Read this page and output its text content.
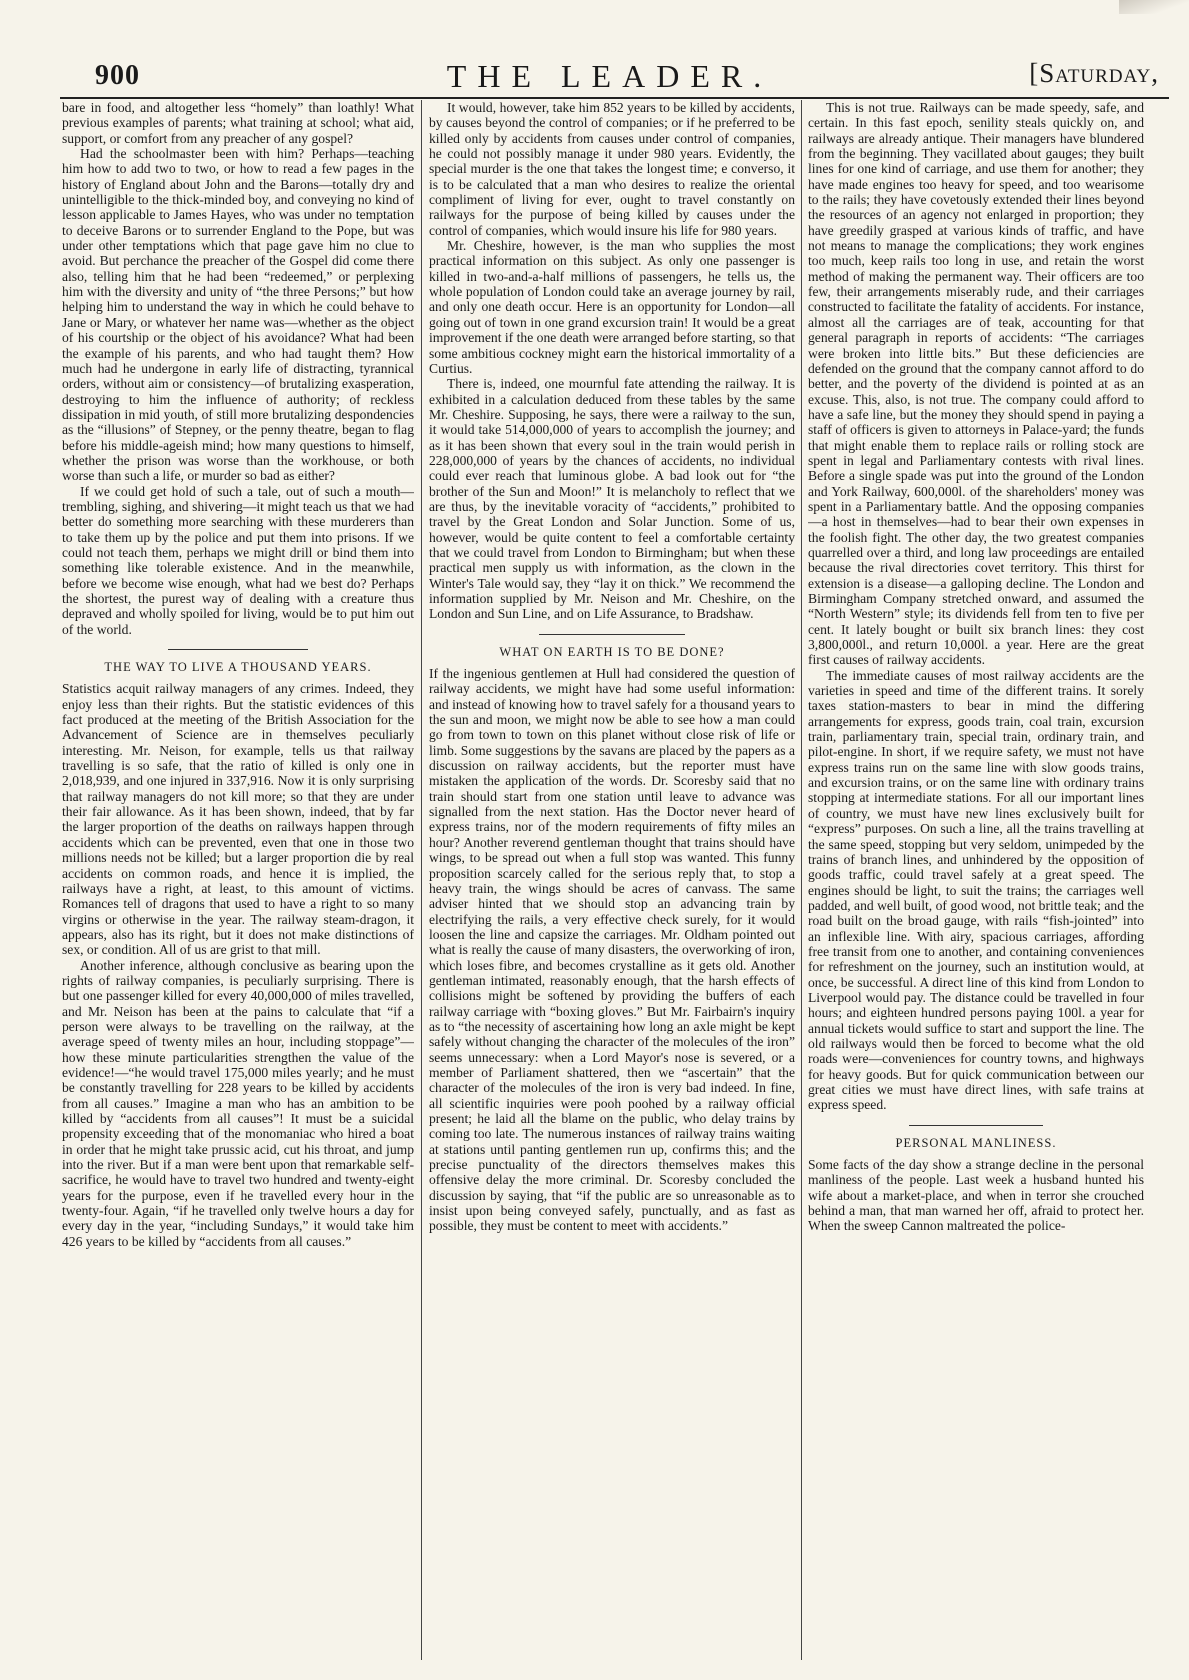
900	THE LEADER.	[Saturday,

bare in food, and altogether less “homely” than loathly! What previous examples of parents; what training at school; what aid, support, or comfort from any preacher of any gospel?

Had the schoolmaster been with him? Perhaps—teaching him how to add two to two, or how to read a few pages in the history of England about John and the Barons—totally dry and unintelligible to the thick-minded boy, and conveying no kind of lesson applicable to James Hayes, who was under no temptation to deceive Barons or to surrender England to the Pope, but was under other temptations which that page gave him no clue to avoid. But perchance the preacher of the Gospel did come there also, telling him that he had been “redeemed,” or perplexing him with the diversity and unity of “the three Persons;” but how helping him to understand the way in which he could behave to Jane or Mary, or whatever her name was—whether as the object of his courtship or the object of his avoidance? What had been the example of his parents, and who had taught them? How much had he undergone in early life of distracting, tyrannical orders, without aim or consistency—of brutalizing exasperation, destroying to him the influence of authority; of reckless dissipation in mid youth, of still more brutalizing despondencies as the “illusions” of Stepney, or the penny theatre, began to flag before his middle-ageish mind; how many questions to himself, whether the prison was worse than the workhouse, or both worse than such a life, or murder so bad as either?

If we could get hold of such a tale, out of such a mouth—trembling, sighing, and shivering—it might teach us that we had better do something more searching with these murderers than to take them up by the police and put them into prisons. If we could not teach them, perhaps we might drill or bind them into something like tolerable existence. And in the meanwhile, before we become wise enough, what had we best do? Perhaps the shortest, the purest way of dealing with a creature thus depraved and wholly spoiled for living, would be to put him out of the world.

THE WAY TO LIVE A THOUSAND YEARS.

Statistics acquit railway managers of any crimes. Indeed, they enjoy less than their rights. But the statistic evidences of this fact produced at the meeting of the British Association for the Advancement of Science are in themselves peculiarly interesting. Mr. Neison, for example, tells us that railway travelling is so safe, that the ratio of killed is only one in 2,018,939, and one injured in 337,916. Now it is only surprising that railway managers do not kill more; so that they are under their fair allowance. As it has been shown, indeed, that by far the larger proportion of the deaths on railways happen through accidents which can be prevented, even that one in those two millions needs not be killed; but a larger proportion die by real accidents on common roads, and hence it is implied, the railways have a right, at least, to this amount of victims. Romances tell of dragons that used to have a right to so many virgins or otherwise in the year. The railway steam-dragon, it appears, also has its right, but it does not make distinctions of sex, or condition. All of us are grist to that mill.

Another inference, although conclusive as bearing upon the rights of railway companies, is peculiarly surprising. There is but one passenger killed for every 40,000,000 of miles travelled, and Mr. Neison has been at the pains to calculate that “if a person were always to be travelling on the railway, at the average speed of twenty miles an hour, including stoppage”—how these minute particularities strengthen the value of the evidence!—“he would travel 175,000 miles yearly; and he must be constantly travelling for 228 years to be killed by accidents from all causes.” Imagine a man who has an ambition to be killed by “accidents from all causes”! It must be a suicidal propensity exceeding that of the monomaniac who hired a boat in order that he might take prussic acid, cut his throat, and jump into the river. But if a man were bent upon that remarkable self-sacrifice, he would have to travel two hundred and twenty-eight years for the purpose, even if he travelled every hour in the twenty-four. Again, “if he travelled only twelve hours a day for every day in the year, “including Sundays,” it would take him 426 years to be killed by “accidents from all causes.”

It would, however, take him 852 years to be killed by accidents, by causes beyond the control of companies; or if he preferred to be killed only by accidents from causes under control of companies, he could not possibly manage it under 980 years. Evidently, the special murder is the one that takes the longest time; e converso, it is to be calculated that a man who desires to realize the oriental compliment of living for ever, ought to travel constantly on railways for the purpose of being killed by causes under the control of companies, which would insure his life for 980 years.

Mr. Cheshire, however, is the man who supplies the most practical information on this subject. As only one passenger is killed in two-and-a-half millions of passengers, he tells us, the whole population of London could take an average journey by rail, and only one death occur. Here is an opportunity for London—all going out of town in one grand excursion train! It would be a great improvement if the one death were arranged before starting, so that some ambitious cockney might earn the historical immortality of a Curtius.

There is, indeed, one mournful fate attending the railway. It is exhibited in a calculation deduced from these tables by the same Mr. Cheshire. Supposing, he says, there were a railway to the sun, it would take 514,000,000 of years to accomplish the journey; and as it has been shown that every soul in the train would perish in 228,000,000 of years by the chances of accidents, no individual could ever reach that luminous globe. A bad look out for “the brother of the Sun and Moon!” It is melancholy to reflect that we are thus, by the inevitable voracity of “accidents,” prohibited to travel by the Great London and Solar Junction. Some of us, however, would be quite content to feel a comfortable certainty that we could travel from London to Birmingham; but when these practical men supply us with information, as the clown in the Winter's Tale would say, they “lay it on thick.” We recommend the information supplied by Mr. Neison and Mr. Cheshire, on the London and Sun Line, and on Life Assurance, to Bradshaw.

WHAT ON EARTH IS TO BE DONE?

If the ingenious gentlemen at Hull had considered the question of railway accidents, we might have had some useful information: and instead of knowing how to travel safely for a thousand years to the sun and moon, we might now be able to see how a man could go from town to town on this planet without close risk of life or limb. Some suggestions by the savans are placed by the papers as a discussion on railway accidents, but the reporter must have mistaken the application of the words. Dr. Scoresby said that no train should start from one station until leave to advance was signalled from the next station. Has the Doctor never heard of express trains, nor of the modern requirements of fifty miles an hour? Another reverend gentleman thought that trains should have wings, to be spread out when a full stop was wanted. This funny proposition scarcely called for the serious reply that, to stop a heavy train, the wings should be acres of canvass. The same adviser hinted that we should stop an advancing train by electrifying the rails, a very effective check surely, for it would loosen the line and capsize the carriages. Mr. Oldham pointed out what is really the cause of many disasters, the overworking of iron, which loses fibre, and becomes crystalline as it gets old. Another gentleman intimated, reasonably enough, that the harsh effects of collisions might be softened by providing the buffers of each railway carriage with “boxing gloves.” But Mr. Fairbairn's inquiry as to “the necessity of ascertaining how long an axle might be kept safely without changing the character of the molecules of the iron” seems unnecessary: when a Lord Mayor's nose is severed, or a member of Parliament shattered, then we “ascertain” that the character of the molecules of the iron is very bad indeed. In fine, all scientific inquiries were pooh poohed by a railway official present; he laid all the blame on the public, who delay trains by coming too late. The numerous instances of railway trains waiting at stations until panting gentlemen run up, confirms this; and the precise punctuality of the directors themselves makes this offensive delay the more criminal. Dr. Scoresby concluded the discussion by saying, that “if the public are so unreasonable as to insist upon being conveyed safely, punctually, and as fast as possible, they must be content to meet with accidents.”

This is not true. Railways can be made speedy, safe, and certain. In this fast epoch, senility steals quickly on, and railways are already antique. Their managers have blundered from the beginning. They vacillated about gauges; they built lines for one kind of carriage, and use them for another; they have made engines too heavy for speed, and too wearisome to the rails; they have covetously extended their lines beyond the resources of an agency not enlarged in proportion; they have greedily grasped at various kinds of traffic, and have not means to manage the complications; they work engines too much, keep rails too long in use, and retain the worst method of making the permanent way. Their officers are too few, their arrangements miserably rude, and their carriages constructed to facilitate the fatality of accidents. For instance, almost all the carriages are of teak, accounting for that general paragraph in reports of accidents: “The carriages were broken into little bits.” But these deficiencies are defended on the ground that the company cannot afford to do better, and the poverty of the dividend is pointed at as an excuse. This, also, is not true. The company could afford to have a safe line, but the money they should spend in paying a staff of officers is given to attorneys in Palace-yard; the funds that might enable them to replace rails or rolling stock are spent in legal and Parliamentary contests with rival lines. Before a single spade was put into the ground of the London and York Railway, 600,000l. of the shareholders' money was spent in a Parliamentary battle. And the opposing companies—a host in themselves—had to bear their own expenses in the foolish fight. The other day, the two greatest companies quarrelled over a third, and long law proceedings are entailed because the rival directories covet territory. This thirst for extension is a disease—a galloping decline. The London and Birmingham Company stretched onward, and assumed the “North Western” style; its dividends fell from ten to five per cent. It lately bought or built six branch lines: they cost 3,800,000l., and return 10,000l. a year. Here are the great first causes of railway accidents.

The immediate causes of most railway accidents are the varieties in speed and time of the different trains. It sorely taxes station-masters to bear in mind the differing arrangements for express, goods train, coal train, excursion train, parliamentary train, special train, ordinary train, and pilot-engine. In short, if we require safety, we must not have express trains run on the same line with slow goods trains, and excursion trains, or on the same line with ordinary trains stopping at intermediate stations. For all our important lines of country, we must have new lines exclusively built for “express” purposes. On such a line, all the trains travelling at the same speed, stopping but very seldom, unimpeded by the trains of branch lines, and unhindered by the opposition of goods traffic, could travel safely at a great speed. The engines should be light, to suit the trains; the carriages well padded, and well built, of good wood, not brittle teak; and the road built on the broad gauge, with rails “fish-jointed” into an inflexible line. With airy, spacious carriages, affording free transit from one to another, and containing conveniences for refreshment on the journey, such an institution would, at once, be successful. A direct line of this kind from London to Liverpool would pay. The distance could be travelled in four hours; and eighteen hundred persons paying 100l. a year for annual tickets would suffice to start and support the line. The old railways would then be forced to become what the old roads were—conveniences for country towns, and highways for heavy goods. But for quick communication between our great cities we must have direct lines, with safe trains at express speed.

PERSONAL MANLINESS.

Some facts of the day show a strange decline in the personal manliness of the people. Last week a husband hunted his wife about a market-place, and when in terror she crouched behind a man, that man warned her off, afraid to protect her. When the sweep Cannon maltreated the police-
